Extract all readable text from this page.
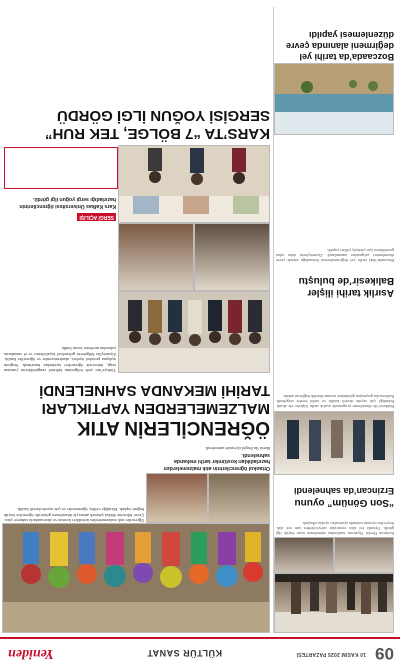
09
10 KASIM 2025 PAZARTESİ
KÜLTÜR SANAT
Yeniden
Erzincan Devlet Tiyatrosu tarafından sahnelenen oyun büyük ilgi gördü. Oyunda rol alan oyuncular izleyicilerden tam not aldı. Seyirciler oyunun sonunda oyuncuları ayakta alkışladı.
“Son Gönüm” oyunu
Erzincan’da sahnelendi
Balıkesir’de düzenlenen programda asırlık tarihi ilişkiler ele alındı. Etkinliğe çok sayıda davetli katıldı ve tarihî eserler sergilendi. Katılımcılar geçmişten günümüze uzanan dostluk bağlarını anlattı.
Asırlık tarihi ilişler
Balıkesir’de buluştu
Bozcaada’daki tarihi yel değirmenlerinin bulunduğu alanda çevre düzenlemesi çalışmaları tamamlandı. Ziyaretçilerin daha rahat gezebilmesi için yürüyüş yolları yapıldı.
Bozcaada’da tarihi yel
değirmeni alanında çevre
düzenlemesi yapıldı
Öğrenciler atık malzemelerden ürettikleri kostüm ve aksesuarlarla sahneye çıktı. Çevre bilincine dikkat çekmek amacıyla düzenlenen gösteride öğrenciler büyük beğeni topladı. Etkinliğe veliler, öğretmenler ve çok sayıda davetli katıldı.
Ortaokul öğrencilerinin atık malzemelerden hazırladıkları kostümler tarihi mekanda sahnelendi.
Bursa’da İnegöl ilçesinde sahnelendi.
ÖĞRENCİLERİN ATIK
MALZEMELERDEN YAPTIKLARI
TARİHİ MEKANDA SAHNELENDİ
Türkiye’nin yedi bölgesinin kültürel zenginliklerini yansıtan sergi, üniversite öğrencileri tarafından hazırlandı. Serginin açılışına protokol üyeleri, akademisyenler ve öğrenciler katıldı. Ziyaretçiler bölgelerin geleneksel kıyafetlerini ve el sanatlarını yakından inceleme fırsatı buldu.
SERGİ AÇILIŞI
Kars Kafkas Üniversitesi öğrencilerinin hazırladığı sergi yoğun ilgi gördü.
KARS’TA “7 BÖLGE, TEK RUH”
SERGİSİ YOĞUN İLGİ GÖRDÜ
